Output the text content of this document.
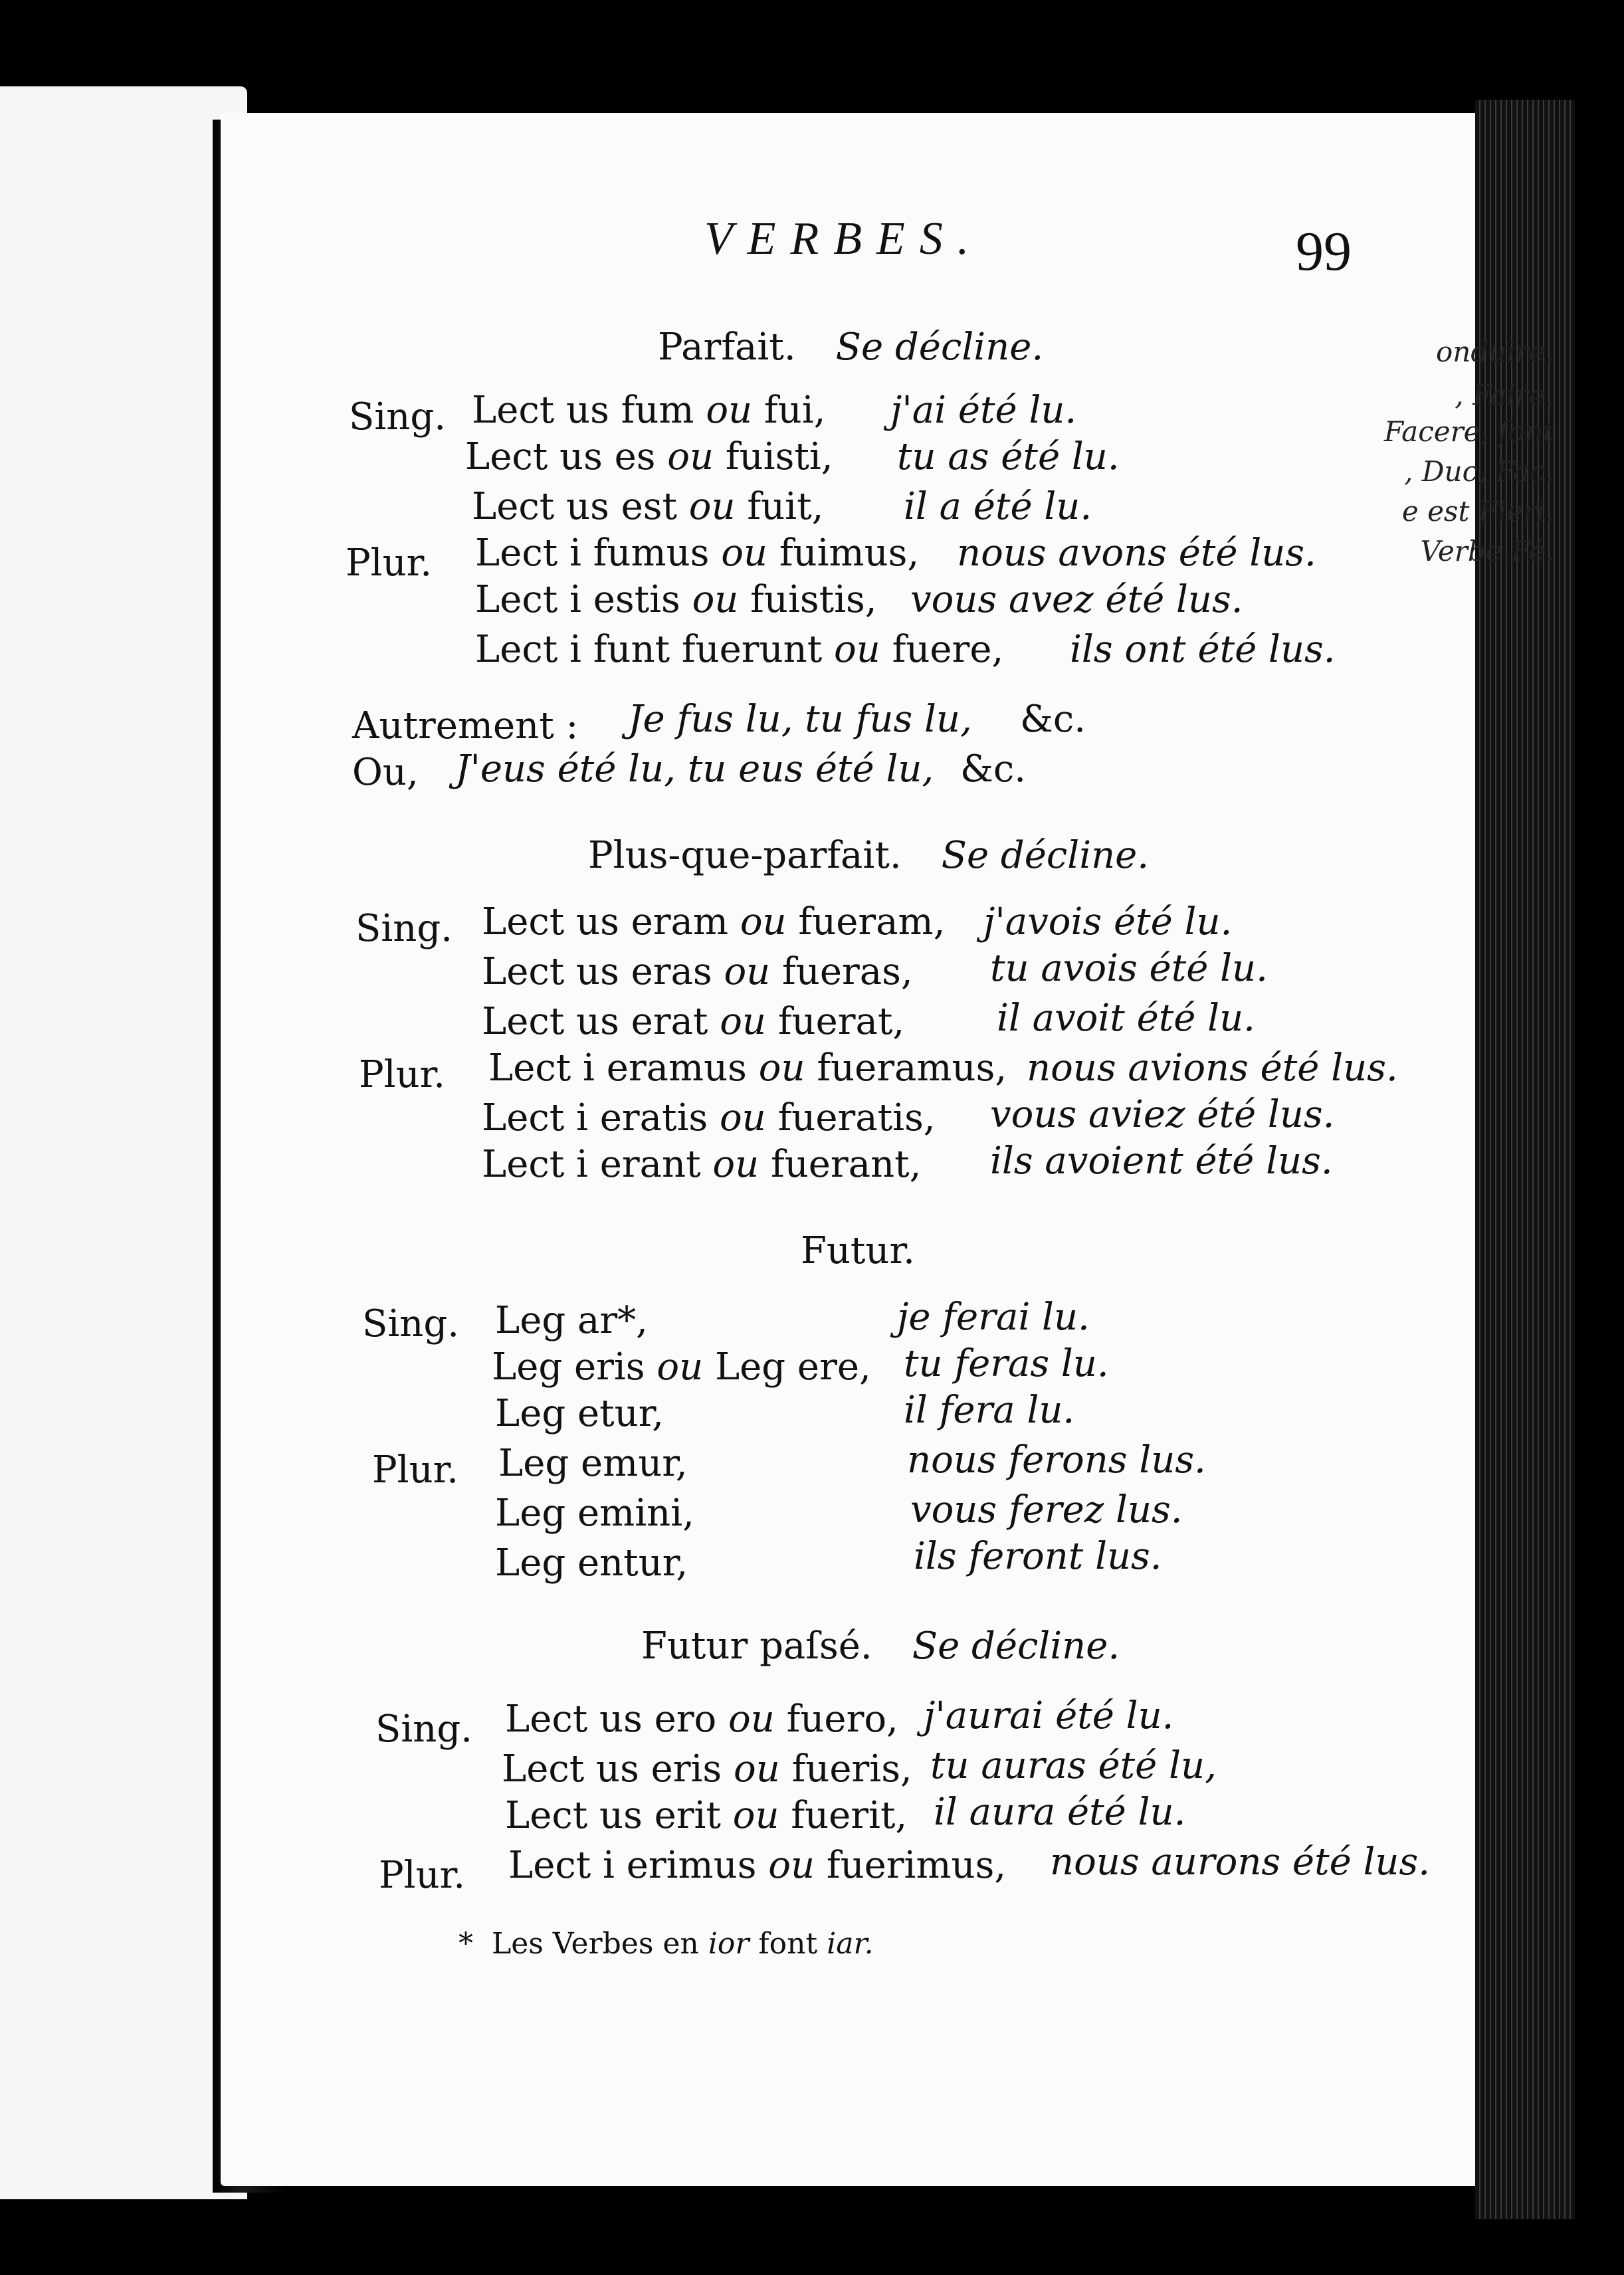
onduire.
, Faire.
Facere, font
, Duc, Fac.
e est Fieri.
Verbe Fé.
VERBES.	99
Parfait. Se décline.
Sing. Lect us fum ou fui, j'ai été lu.
Lect us es ou fuisti, tu as été lu.
Lect us est ou fuit, il a été lu.
Plur. Lect i fumus ou fuimus, nous avons été lus.
Lect i estis ou fuistis, vous avez été lus.
Lect i funt fuerunt ou fuere, ils ont été lus.
Autrement : Je fus lu, tu fus lu, &c.
Ou, J'eus été lu, tu eus été lu, &c.
Plus-que-parfait. Se décline.
Sing. Lect us eram ou fueram, j'avois été lu.
Lect us eras ou fueras, tu avois été lu.
Lect us erat ou fuerat, il avoit été lu.
Plur. Lect i eramus ou fueramus, nous avions été lus.
Lect i eratis ou fueratis, vous aviez été lus.
Lect i erant ou fuerant, ils avoient été lus.
Futur.
Sing. Leg ar*,	je ferai lu.
Leg eris ou Leg ere, tu feras lu.
Leg etur,	il fera lu.
Plur. Leg emur,	nous ferons lus.
Leg emini,	vous ferez lus.
Leg entur,	ils feront lus.
Futur paſsé. Se décline.
Sing. Lect us ero ou fuero, j'aurai été lu.
Lect us eris ou fueris, tu auras été lu,
Lect us erit ou fuerit, il aura été lu.
Plur. Lect i erimus ou fuerimus, nous aurons été lus.
* Les Verbes en ior font iar.
